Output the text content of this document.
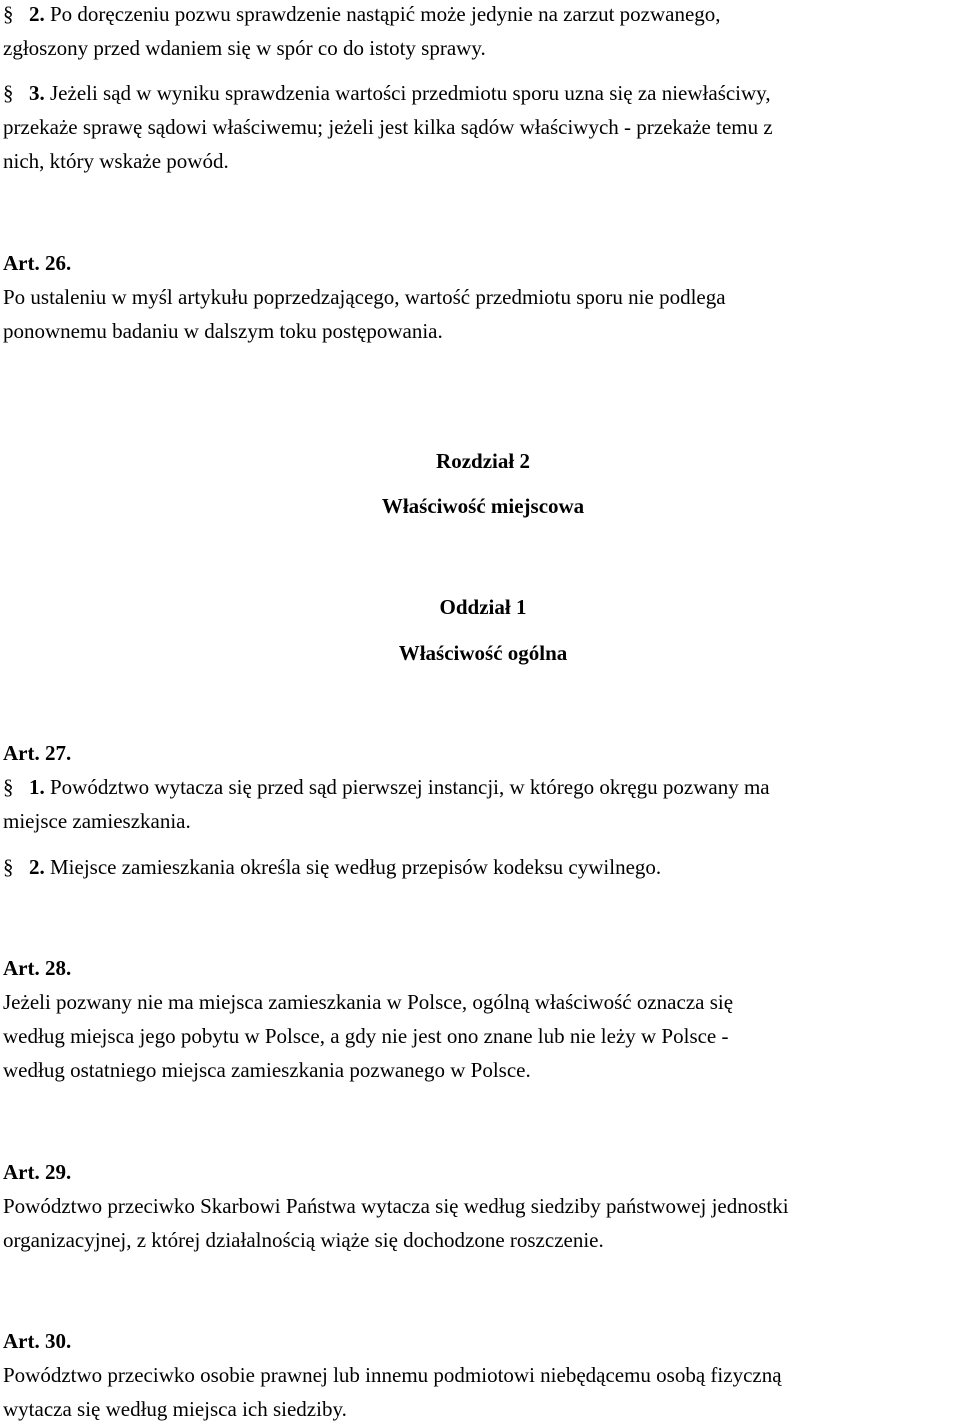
§ 2. Po doręczeniu pozwu sprawdzenie nastąpić może jedynie na zarzut pozwanego,
zgłoszony przed wdaniem się w spór co do istoty sprawy.
§ 3. Jeżeli sąd w wyniku sprawdzenia wartości przedmiotu sporu uzna się za niewłaściwy,
przekaże sprawę sądowi właściwemu; jeżeli jest kilka sądów właściwych - przekaże temu z
nich, który wskaże powód.
Art. 26.
Po ustaleniu w myśl artykułu poprzedzającego, wartość przedmiotu sporu nie podlega
ponownemu badaniu w dalszym toku postępowania.
Rozdział 2
Właściwość miejscowa
Oddział 1
Właściwość ogólna
Art. 27.
§ 1. Powództwo wytacza się przed sąd pierwszej instancji, w którego okręgu pozwany ma
miejsce zamieszkania.
§ 2. Miejsce zamieszkania określa się według przepisów kodeksu cywilnego.
Art. 28.
Jeżeli pozwany nie ma miejsca zamieszkania w Polsce, ogólną właściwość oznacza się
według miejsca jego pobytu w Polsce, a gdy nie jest ono znane lub nie leży w Polsce -
według ostatniego miejsca zamieszkania pozwanego w Polsce.
Art. 29.
Powództwo przeciwko Skarbowi Państwa wytacza się według siedziby państwowej jednostki
organizacyjnej, z której działalnością wiąże się dochodzone roszczenie.
Art. 30.
Powództwo przeciwko osobie prawnej lub innemu podmiotowi niebędącemu osobą fizyczną
wytacza się według miejsca ich siedziby.
